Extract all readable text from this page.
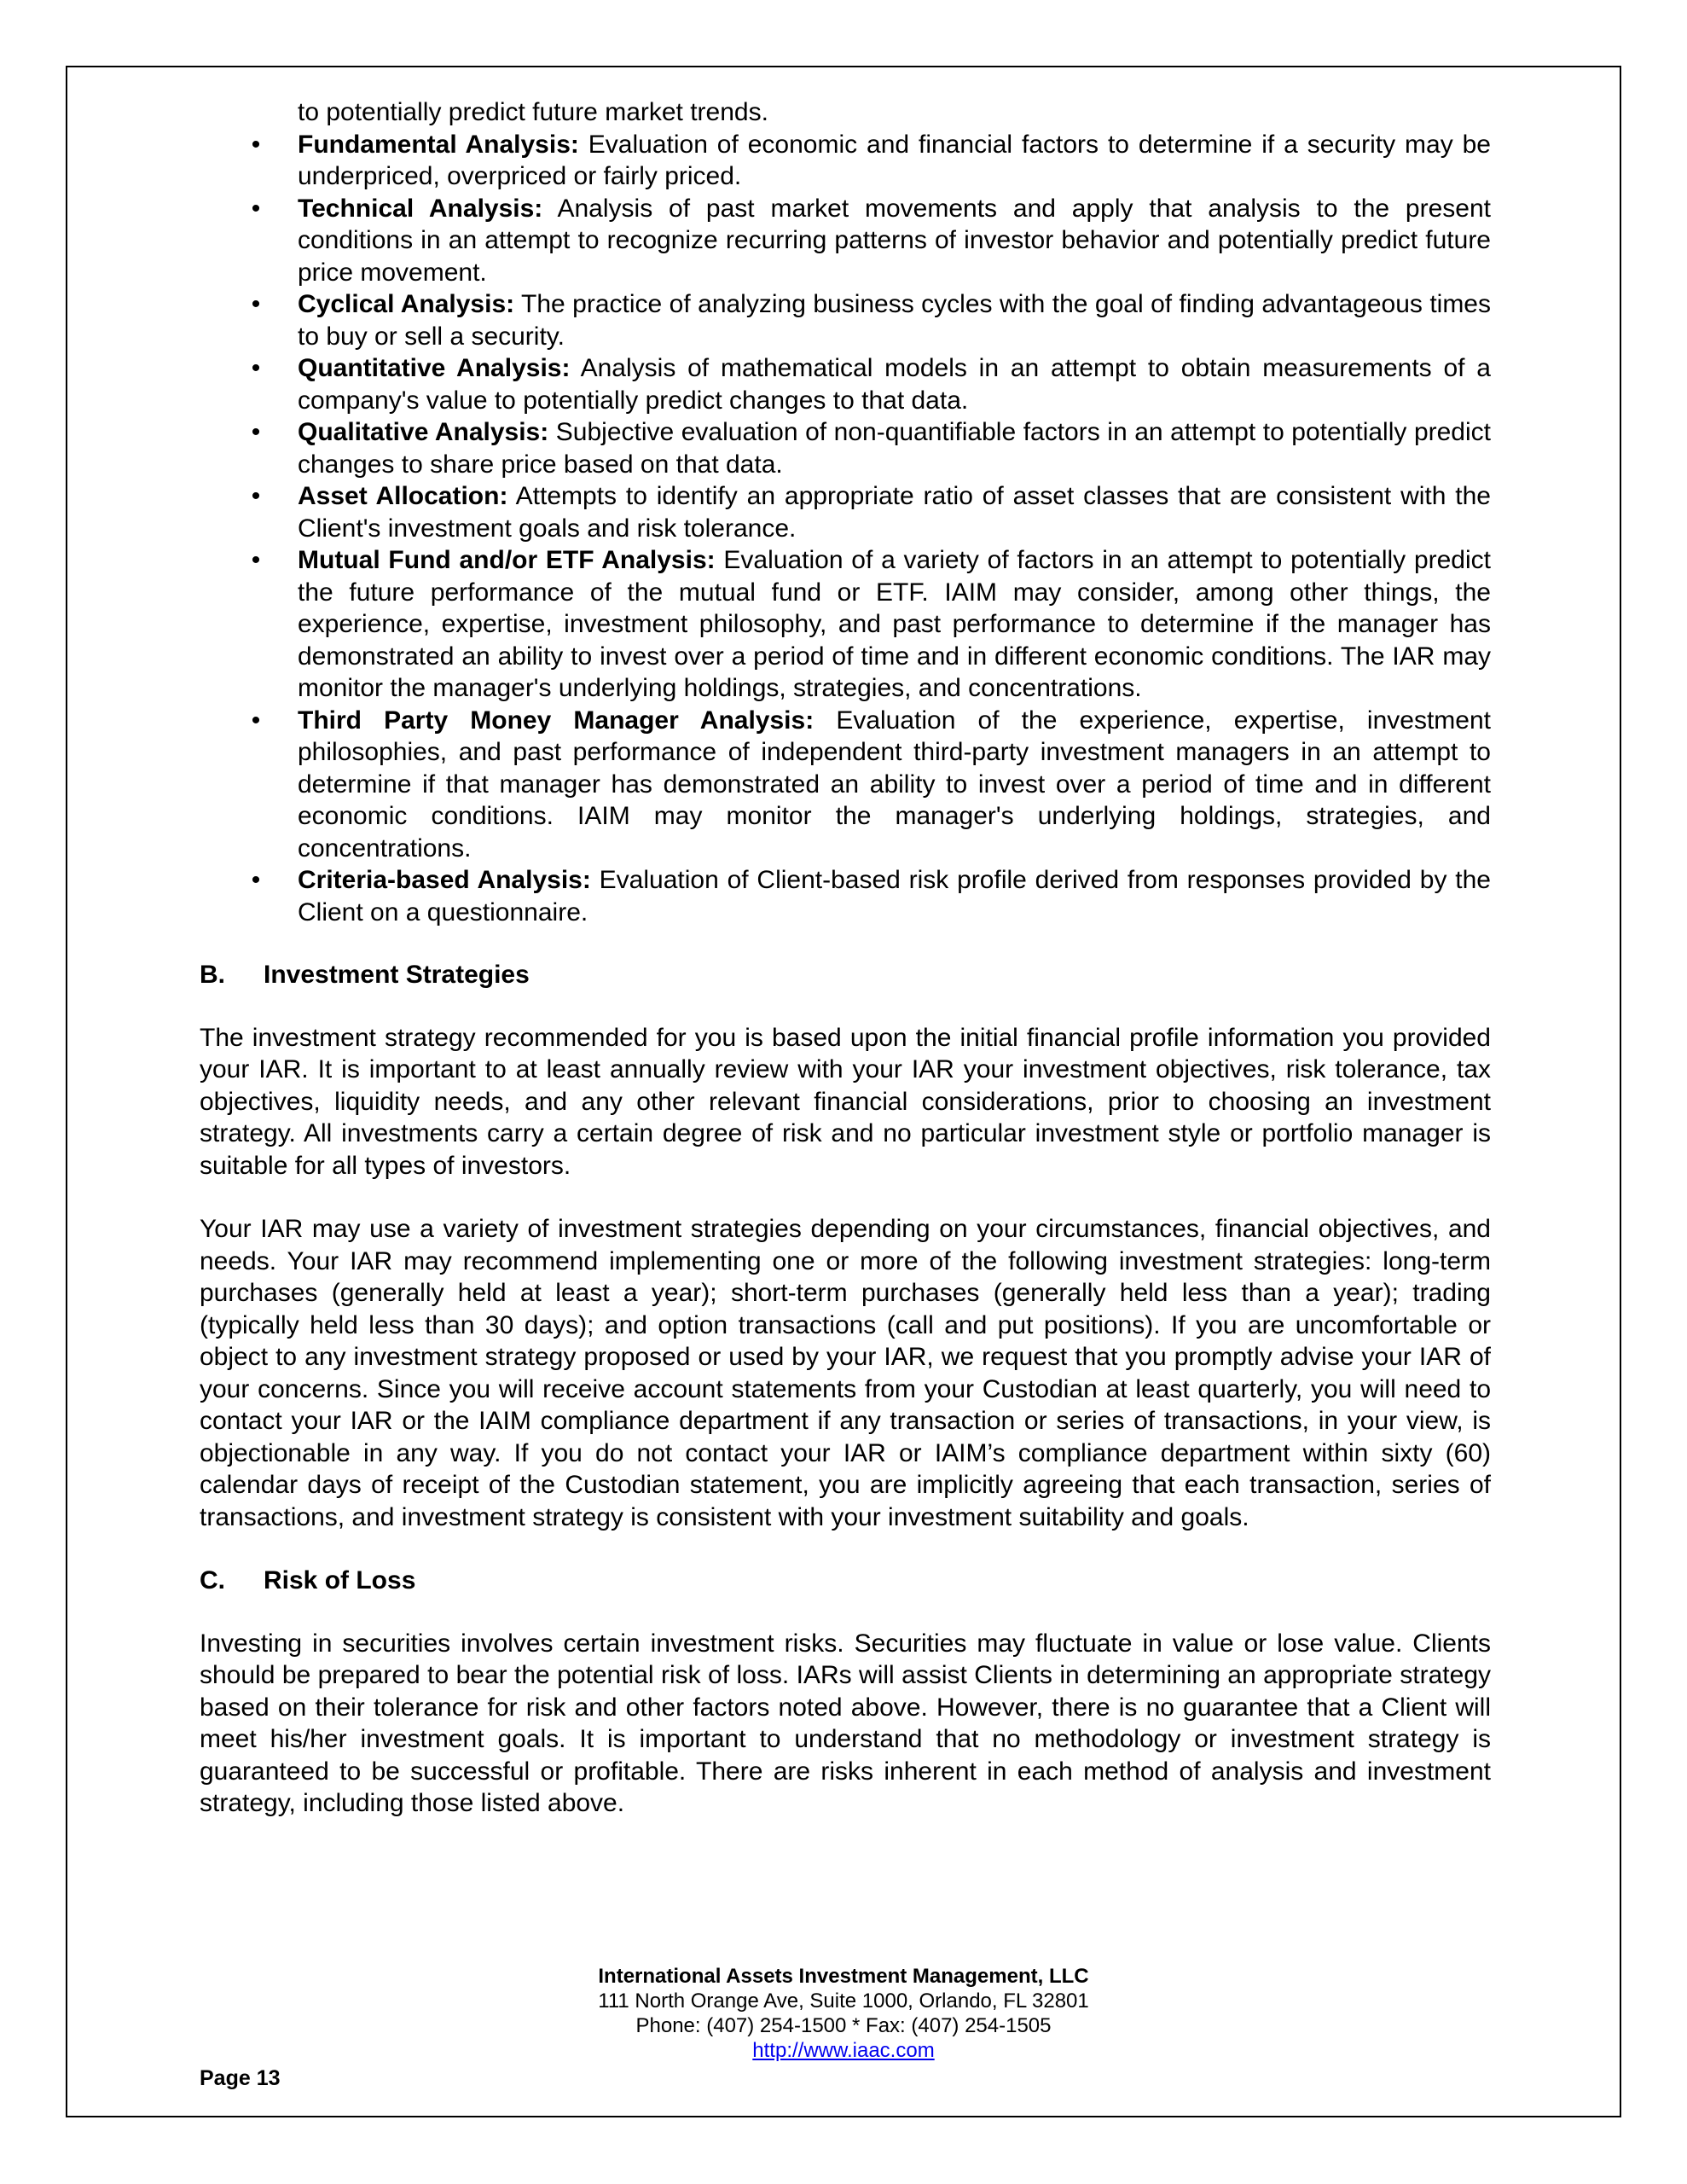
to potentially predict future market trends.

• Fundamental Analysis: Evaluation of economic and financial factors to determine if a security may be underpriced, overpriced or fairly priced.
• Technical Analysis: Analysis of past market movements and apply that analysis to the present conditions in an attempt to recognize recurring patterns of investor behavior and potentially predict future price movement.
• Cyclical Analysis: The practice of analyzing business cycles with the goal of finding advantageous times to buy or sell a security.
• Quantitative Analysis: Analysis of mathematical models in an attempt to obtain measurements of a company's value to potentially predict changes to that data.
• Qualitative Analysis: Subjective evaluation of non-quantifiable factors in an attempt to potentially predict changes to share price based on that data.
• Asset Allocation: Attempts to identify an appropriate ratio of asset classes that are consistent with the Client's investment goals and risk tolerance.
• Mutual Fund and/or ETF Analysis: Evaluation of a variety of factors in an attempt to potentially predict the future performance of the mutual fund or ETF. IAIM may consider, among other things, the experience, expertise, investment philosophy, and past performance to determine if the manager has demonstrated an ability to invest over a period of time and in different economic conditions. The IAR may monitor the manager's underlying holdings, strategies, and concentrations.
• Third Party Money Manager Analysis: Evaluation of the experience, expertise, investment philosophies, and past performance of independent third-party investment managers in an attempt to determine if that manager has demonstrated an ability to invest over a period of time and in different economic conditions. IAIM may monitor the manager's underlying holdings, strategies, and concentrations.
• Criteria-based Analysis: Evaluation of Client-based risk profile derived from responses provided by the Client on a questionnaire.
B.	Investment Strategies

The investment strategy recommended for you is based upon the initial financial profile information you provided your IAR. It is important to at least annually review with your IAR your investment objectives, risk tolerance, tax objectives, liquidity needs, and any other relevant financial considerations, prior to choosing an investment strategy. All investments carry a certain degree of risk and no particular investment style or portfolio manager is suitable for all types of investors.

Your IAR may use a variety of investment strategies depending on your circumstances, financial objectives, and needs. Your IAR may recommend implementing one or more of the following investment strategies: long-term purchases (generally held at least a year); short-term purchases (generally held less than a year); trading (typically held less than 30 days); and option transactions (call and put positions). If you are uncomfortable or object to any investment strategy proposed or used by your IAR, we request that you promptly advise your IAR of your concerns. Since you will receive account statements from your Custodian at least quarterly, you will need to contact your IAR or the IAIM compliance department if any transaction or series of transactions, in your view, is objectionable in any way. If you do not contact your IAR or IAIM’s compliance department within sixty (60) calendar days of receipt of the Custodian statement, you are implicitly agreeing that each transaction, series of transactions, and investment strategy is consistent with your investment suitability and goals.

C.	Risk of Loss

Investing in securities involves certain investment risks. Securities may fluctuate in value or lose value. Clients should be prepared to bear the potential risk of loss. IARs will assist Clients in determining an appropriate strategy based on their tolerance for risk and other factors noted above. However, there is no guarantee that a Client will meet his/her investment goals. It is important to understand that no methodology or investment strategy is guaranteed to be successful or profitable. There are risks inherent in each method of analysis and investment strategy, including those listed above.

International Assets Investment Management, LLC
111 North Orange Ave, Suite 1000, Orlando, FL 32801
Phone: (407) 254-1500 * Fax: (407) 254-1505
http://www.iaac.com
Page 13
